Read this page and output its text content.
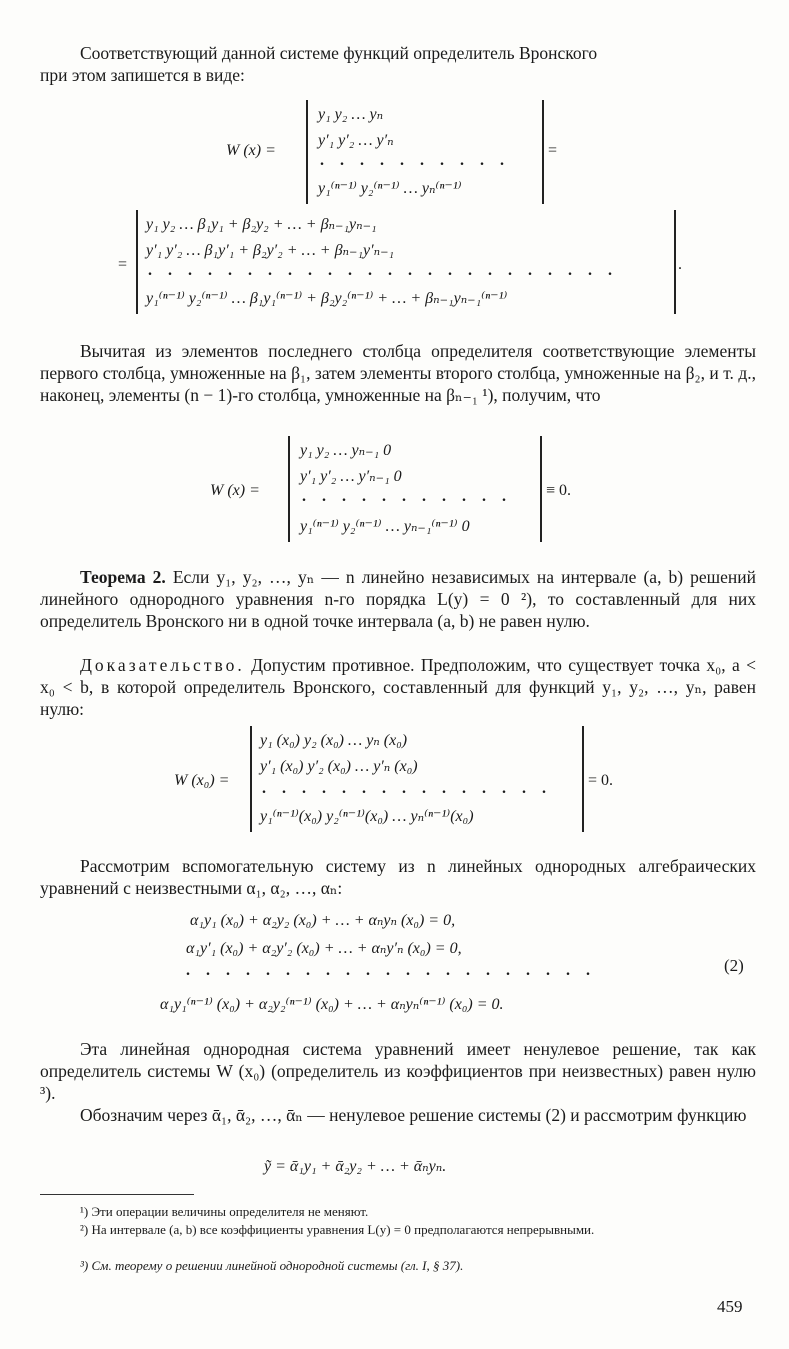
Соответствующий данной системе функций определитель Вронского
при этом запишется в виде:

W (x) =
y₁ y₂ … yₙ
y′₁ y′₂ … y′ₙ
. . . . . . . . . .
y₁⁽ⁿ⁻¹⁾ y₂⁽ⁿ⁻¹⁾ … yₙ⁽ⁿ⁻¹⁾
=
=
y₁ y₂ … β₁y₁ + β₂y₂ + … + βₙ₋₁yₙ₋₁
y′₁ y′₂ … β₁y′₁ + β₂y′₂ + … + βₙ₋₁y′ₙ₋₁
. . . . . . . . . . . . . . . . . . . . . . . .
y₁⁽ⁿ⁻¹⁾ y₂⁽ⁿ⁻¹⁾ … β₁y₁⁽ⁿ⁻¹⁾ + β₂y₂⁽ⁿ⁻¹⁾ + … + βₙ₋₁yₙ₋₁⁽ⁿ⁻¹⁾
.

Вычитая из элементов последнего столбца определителя соответствующие элементы первого столбца, умноженные на β₁, затем элементы второго столбца, умноженные на β₂, и т. д., наконец, элементы (n − 1)-го столбца, умноженные на βₙ₋₁ ¹), получим, что

W (x) =
y₁ y₂ … yₙ₋₁ 0
y′₁ y′₂ … y′ₙ₋₁ 0
. . . . . . . . . . .
y₁⁽ⁿ⁻¹⁾ y₂⁽ⁿ⁻¹⁾ … yₙ₋₁⁽ⁿ⁻¹⁾ 0
≡ 0.

Теорема 2. Если y₁, y₂, …, yₙ — n линейно независимых на интервале (a, b) решений линейного однородного уравнения n-го порядка L(y) = 0 ²), то составленный для них определитель Вронского ни в одной точке интервала (a, b) не равен нулю.

Доказательство. Допустим противное. Предположим, что существует точка x₀, a < x₀ < b, в которой определитель Вронского, составленный для функций y₁, y₂, …, yₙ, равен нулю:

W (x₀) =
y₁ (x₀) y₂ (x₀) … yₙ (x₀)
y′₁ (x₀) y′₂ (x₀) … y′ₙ (x₀)
. . . . . . . . . . . . . . .
y₁⁽ⁿ⁻¹⁾(x₀) y₂⁽ⁿ⁻¹⁾(x₀) … yₙ⁽ⁿ⁻¹⁾(x₀)
= 0.

Рассмотрим вспомогательную систему из n линейных однородных алгебраических уравнений с неизвестными α₁, α₂, …, αₙ:

α₁y₁ (x₀) + α₂y₂ (x₀) + … + αₙyₙ (x₀) = 0,
α₁y′₁ (x₀) + α₂y′₂ (x₀) + … + αₙy′ₙ (x₀) = 0,
. . . . . . . . . . . . . . . . . . . . .
α₁y₁⁽ⁿ⁻¹⁾ (x₀) + α₂y₂⁽ⁿ⁻¹⁾ (x₀) + … + αₙyₙ⁽ⁿ⁻¹⁾ (x₀) = 0.
(2)

Эта линейная однородная система уравнений имеет ненулевое решение, так как определитель системы W (x₀) (определитель из коэффициентов при неизвестных) равен нулю ³).

Обозначим через ᾱ₁, ᾱ₂, …, ᾱₙ — ненулевое решение системы (2) и рассмотрим функцию

ỹ = ᾱ₁y₁ + ᾱ₂y₂ + … + ᾱₙyₙ.

¹) Эти операции величины определителя не меняют.

²) На интервале (a, b) все коэффициенты уравнения L(y) = 0 предполагаются непрерывными.

³) См. теорему о решении линейной однородной системы (гл. I, § 37).

459
